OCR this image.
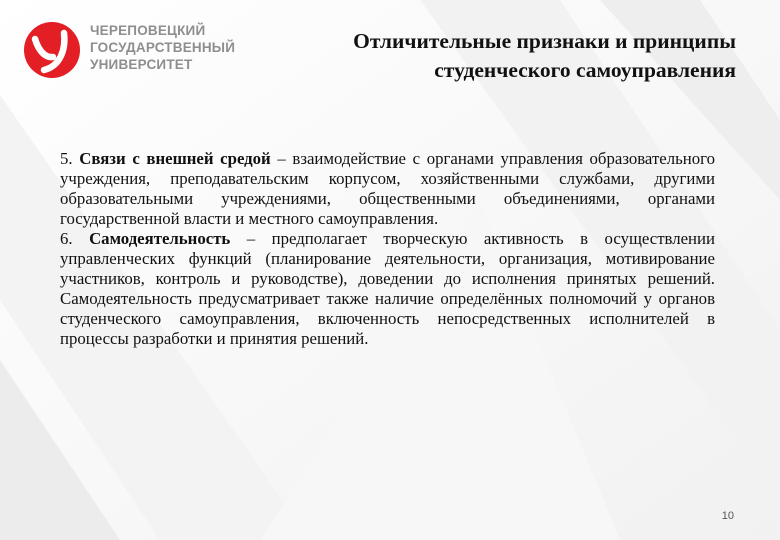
ЧЕРЕПОВЕЦКИЙ
ГОСУДАРСТВЕННЫЙ
УНИВЕРСИТЕТ
Отличительные признаки и принципы
студенческого самоуправления

5. Связи с внешней средой – взаимодействие с органами управления образовательного учреждения, преподавательским корпусом, хозяйственными службами, другими образовательными учреждениями, общественными объединениями, органами государственной власти и местного самоуправления.

6. Самодеятельность – предполагает творческую активность в осуществлении управленческих функций (планирование деятельности, организация, мотивирование участников, контроль и руководстве), доведении до исполнения принятых решений. Самодеятельность предусматривает также наличие определённых полномочий у органов студенческого самоуправления, включенность непосредственных исполнителей в процессы разработки и принятия решений.

10
